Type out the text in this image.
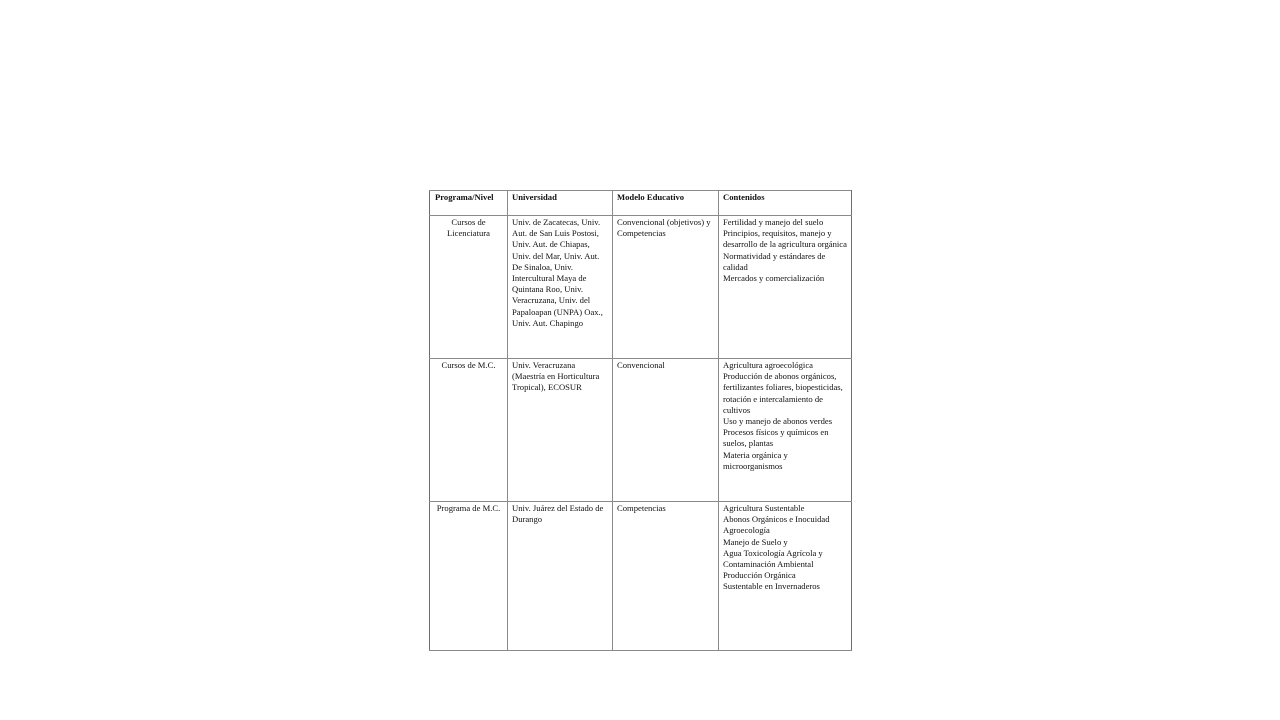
Programa/Nivel	Universidad	Modelo Educativo	Contenidos
Cursos de Licenciatura	Univ. de Zacatecas, Univ. Aut. de San Luis Postosi, Univ. Aut. de Chiapas, Univ. del Mar, Univ. Aut. De Sinaloa, Univ. Intercultural Maya de Quintana Roo, Univ. Veracruzana, Univ. del Papaloapan (UNPA) Oax., Univ. Aut. Chapingo	Convencional (objetivos) y Competencias	
Fertilidad y manejo del suelo
Principios, requisitos, manejo y desarrollo de la agricultura orgánica
Normatividad y estándares de calidad
Mercados y comercialización

Cursos de M.C.	Univ. Veracruzana (Maestría en Horticultura Tropical), ECOSUR	Convencional	Agricultura agroecológica
Producción de abonos orgánicos, fertilizantes foliares, biopesticidas, rotación e intercalamiento de cultivos
Uso y manejo de abonos verdes
Procesos físicos y químicos en suelos, plantas
Materia orgánica y microorganismos

Programa de M.C.	Univ. Juárez del Estado de Durango	Competencias	Agricultura Sustentable
Abonos Orgánicos e Inocuidad
Agroecología
Manejo de Suelo y
Agua Toxicología Agrícola y Contaminación Ambiental
Producción Orgánica
Sustentable en Invernaderos
